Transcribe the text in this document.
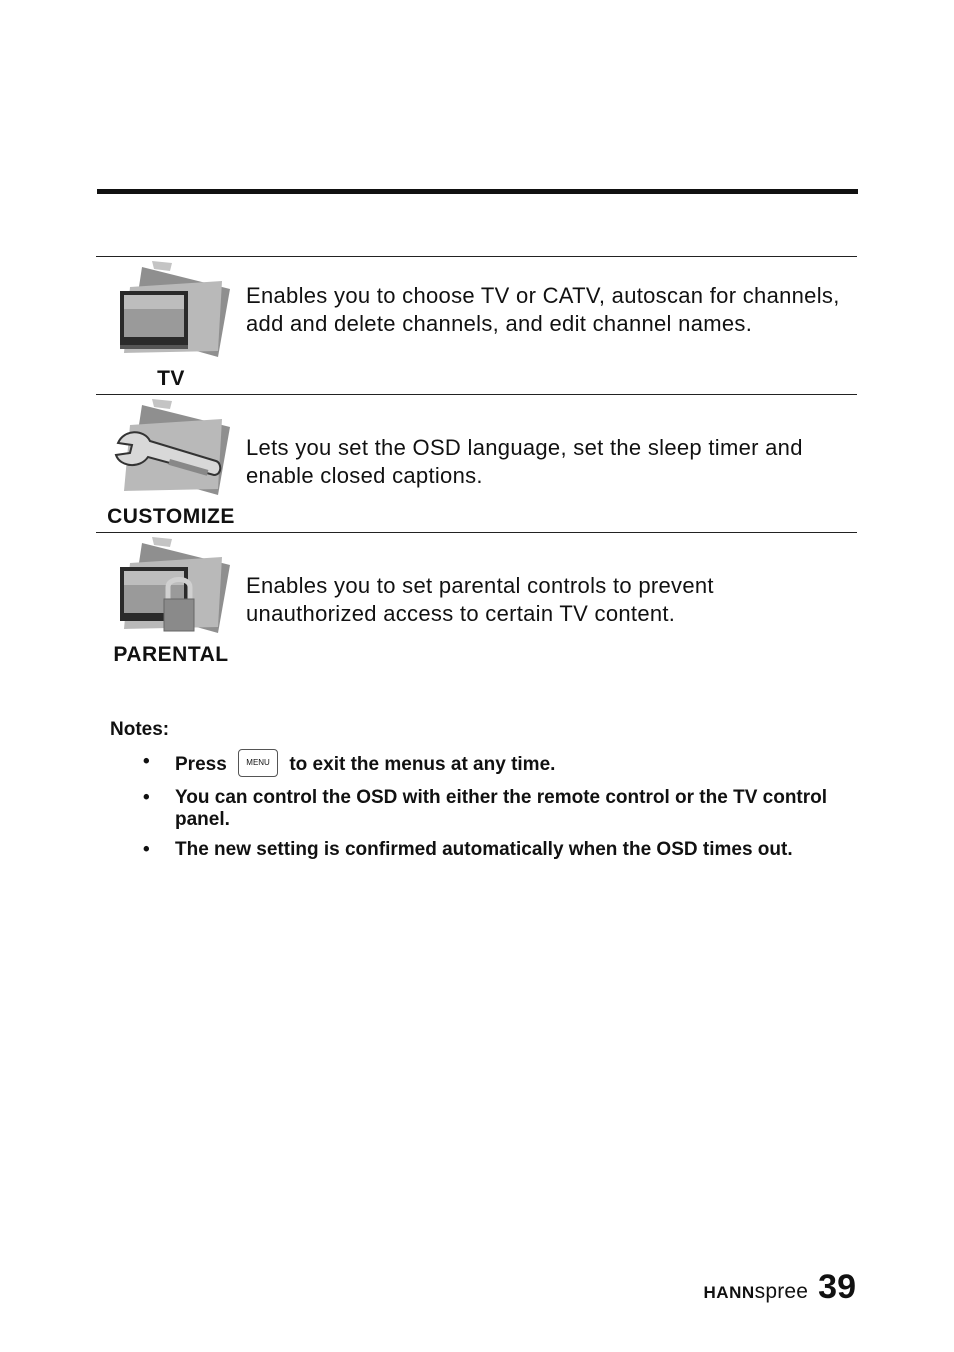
TV
Enables you to choose TV or CATV, autoscan for channels, add and delete channels, and edit channel names.
CUSTOMIZE
Lets you set the OSD language, set the sleep timer and enable closed captions.
PARENTAL
Enables you to set parental controls to prevent unauthorized access to certain TV content.
Notes:
• Press MENU to exit the menus at any time.
• You can control the OSD with either the remote control or the TV control panel.
• The new setting is confirmed automatically when the OSD times out.
HANNspree 39
